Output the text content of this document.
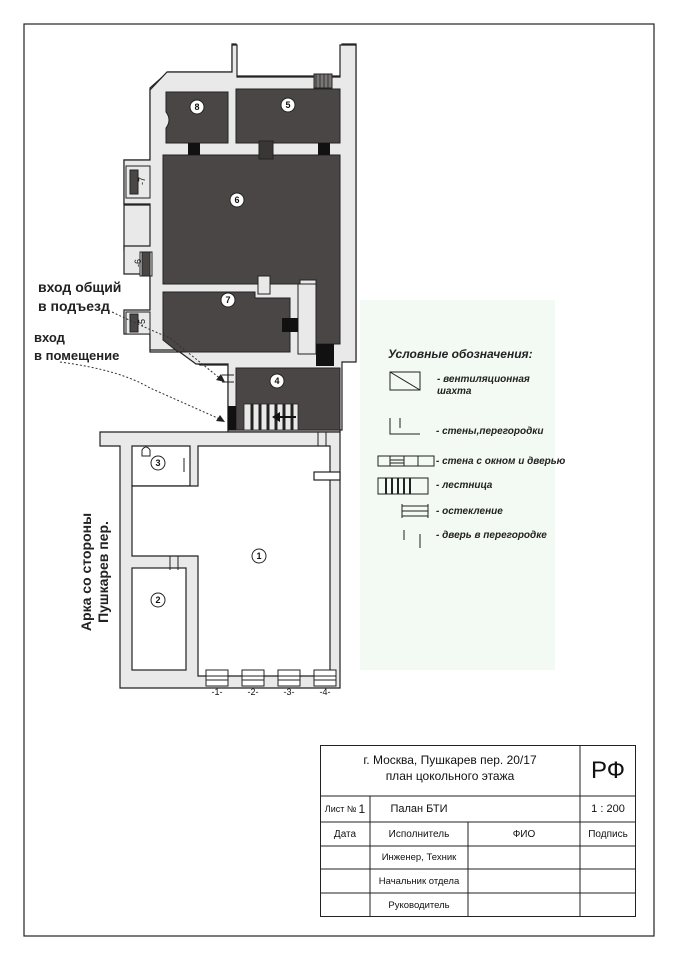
1
2
3
4
5
6
7
8
-1-	-2-	-3-	-4-
-5
-6
-7
вход общий
в подъезд
вход
в помещение
Арка со стороны Пушкарев пер.
Условные обозначения:
- вентиляционная
шахта
- стены,перегородки
- стена с окном и дверью
- лестница
- остекление
- дверь в перегородке
г. Москва, Пушкарев пер. 20/17
план цокольного этажа	РФ
Лист № 1	Палан БТИ	1 : 200
Дата	Исполнитель	ФИО	Подпись
Инженер, Техник
Начальник отдела
Руководитель
